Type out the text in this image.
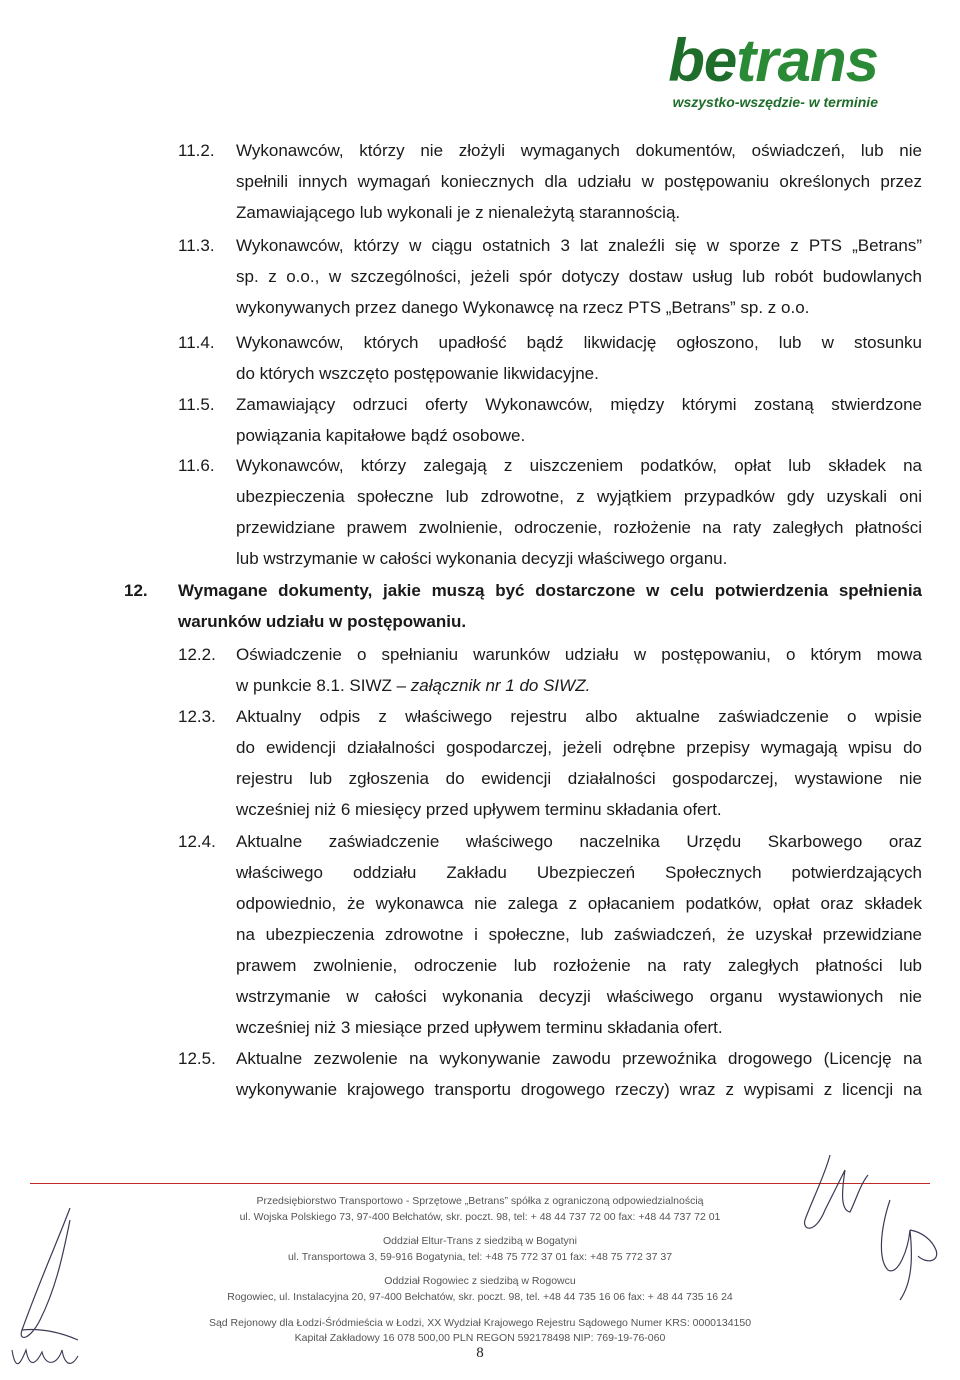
betrans
wszystko-wszędzie- w terminie
11.2. Wykonawców, którzy nie złożyli wymaganych dokumentów, oświadczeń, lub nie
spełnili innych wymagań koniecznych dla udziału w postępowaniu określonych przez
Zamawiającego lub wykonali je z nienależytą starannością.
11.3. Wykonawców, którzy w ciągu ostatnich 3 lat znaleźli się w sporze z PTS „Betrans”
sp. z o.o., w szczególności, jeżeli spór dotyczy dostaw usług lub robót budowlanych
wykonywanych przez danego Wykonawcę na rzecz PTS „Betrans” sp. z o.o.
11.4. Wykonawców, których upadłość bądź likwidację ogłoszono, lub w stosunku
do których wszczęto postępowanie likwidacyjne.
11.5. Zamawiający odrzuci oferty Wykonawców, między którymi zostaną stwierdzone
powiązania kapitałowe bądź osobowe.
11.6. Wykonawców, którzy zalegają z uiszczeniem podatków, opłat lub składek na
ubezpieczenia społeczne lub zdrowotne, z wyjątkiem przypadków gdy uzyskali oni
przewidziane prawem zwolnienie, odroczenie, rozłożenie na raty zaległych płatności
lub wstrzymanie w całości wykonania decyzji właściwego organu.
12. Wymagane dokumenty, jakie muszą być dostarczone w celu potwierdzenia spełnienia
warunków udziału w postępowaniu.
12.2. Oświadczenie o spełnianiu warunków udziału w postępowaniu, o którym mowa
w punkcie 8.1. SIWZ – załącznik nr 1 do SIWZ.
12.3. Aktualny odpis z właściwego rejestru albo aktualne zaświadczenie o wpisie
do ewidencji działalności gospodarczej, jeżeli odrębne przepisy wymagają wpisu do
rejestru lub zgłoszenia do ewidencji działalności gospodarczej, wystawione nie
wcześniej niż 6 miesięcy przed upływem terminu składania ofert.
12.4. Aktualne zaświadczenie właściwego naczelnika Urzędu Skarbowego oraz
właściwego oddziału Zakładu Ubezpieczeń Społecznych potwierdzających
odpowiednio, że wykonawca nie zalega z opłacaniem podatków, opłat oraz składek
na ubezpieczenia zdrowotne i społeczne, lub zaświadczeń, że uzyskał przewidziane
prawem zwolnienie, odroczenie lub rozłożenie na raty zaległych płatności lub
wstrzymanie w całości wykonania decyzji właściwego organu wystawionych nie
wcześniej niż 3 miesiące przed upływem terminu składania ofert.
12.5. Aktualne zezwolenie na wykonywanie zawodu przewoźnika drogowego (Licencję na
wykonywanie krajowego transportu drogowego rzeczy) wraz z wypisami z licencji na
Przedsiębiorstwo Transportowo - Sprzętowe „Betrans” spółka z ograniczoną odpowiedzialnością
ul. Wojska Polskiego 73, 97-400 Bełchatów, skr. poczt. 98, tel: + 48 44 737 72 00 fax: +48 44 737 72 01
Oddział Eltur-Trans z siedzibą w Bogatyni
ul. Transportowa 3, 59-916 Bogatynia, tel: +48 75 772 37 01 fax: +48 75 772 37 37
Oddział Rogowiec z siedzibą w Rogowcu
Rogowiec, ul. Instalacyjna 20, 97-400 Bełchatów, skr. poczt. 98, tel. +48 44 735 16 06 fax: + 48 44 735 16 24
Sąd Rejonowy dla Łodzi-Śródmieścia w Łodzi, XX Wydział Krajowego Rejestru Sądowego Numer KRS: 0000134150
Kapitał Zakładowy 16 078 500,00 PLN REGON 592178498 NIP: 769-19-76-060
8
